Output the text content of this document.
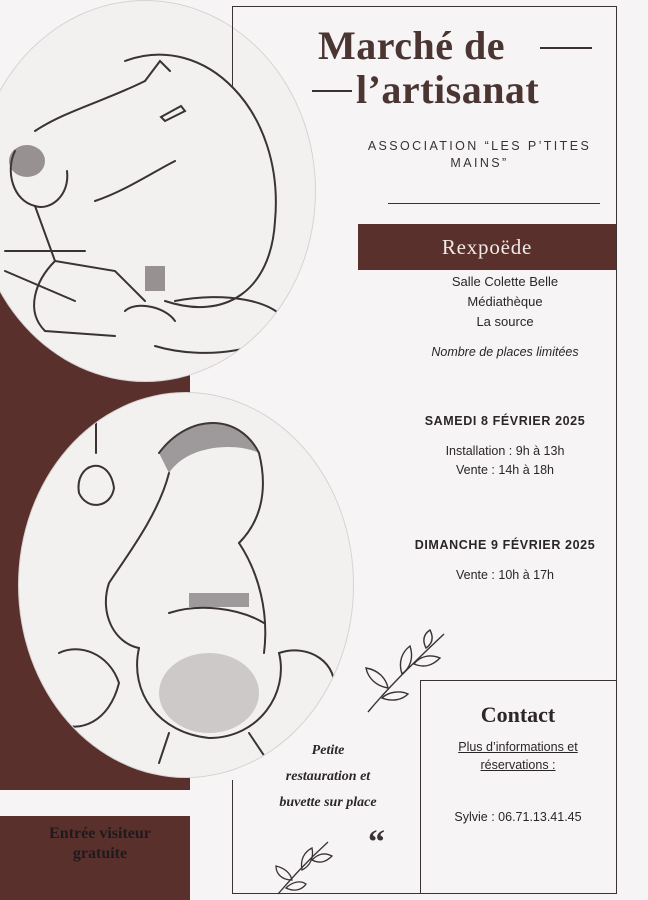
Marché de
l’artisanat
ASSOCIATION “LES P’TITES MAINS”
Rexpoëde
Salle Colette Belle
Médiathèque
La source
Nombre de places limitées
SAMEDI 8 FÉVRIER 2025
Installation : 9h à 13h
Vente : 14h à 18h
DIMANCHE 9 FÉVRIER 2025
Vente : 10h à 17h
Contact
Plus d’informations et
réservations :
Sylvie : 06.71.13.41.45
Petite
restauration et
buvette sur place
“
Entrée visiteur
gratuite
